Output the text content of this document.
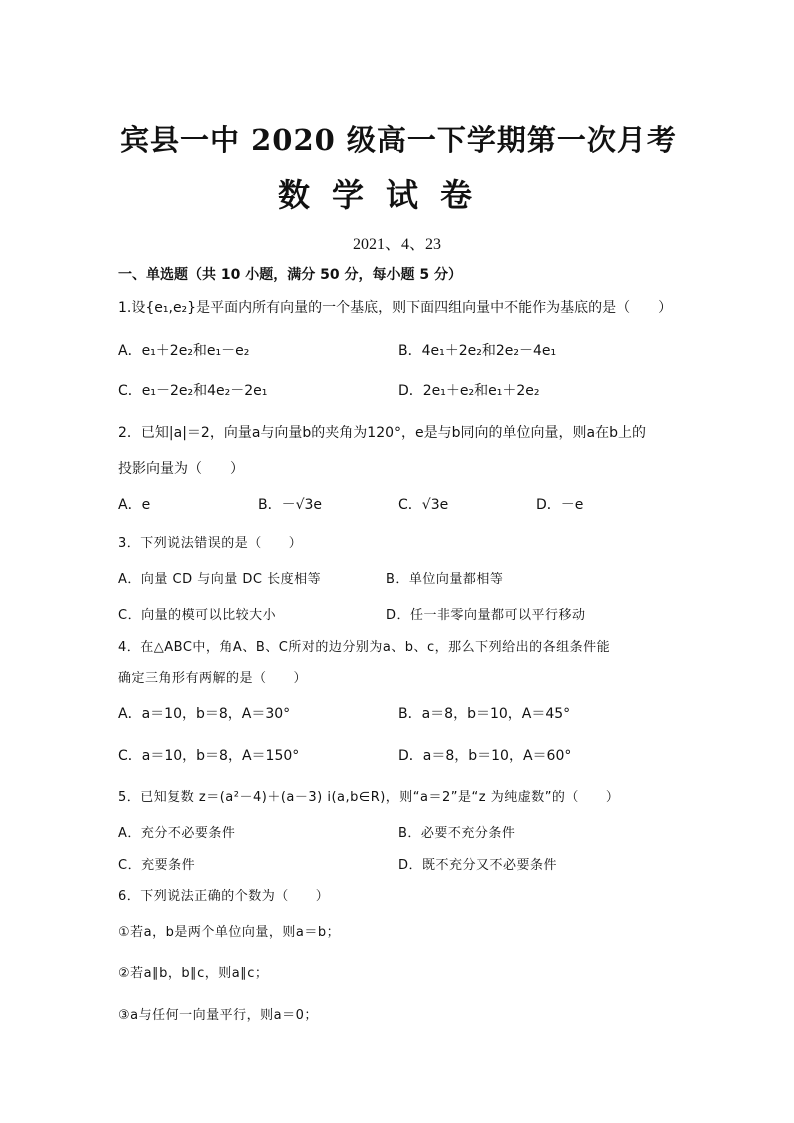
宾县一中 2020 级高一下学期第一次月考
数学试卷
2021、4、23
一、单选题（共 10 小题，满分 50 分，每小题 5 分）
1.设{e₁,e₂}是平面内所有向量的一个基底，则下面四组向量中不能作为基底的是（　　）
A．e₁＋2e₂和e₁－e₂	B．4e₁＋2e₂和2e₂－4e₁
C．e₁－2e₂和4e₂－2e₁	D．2e₁＋e₂和e₁＋2e₂
2．已知|a|＝2，向量a与向量b的夹角为120°，e是与b同向的单位向量，则a在b上的
投影向量为（　　）
A．e	B．－√3e	C．√3e	D．－e
3．下列说法错误的是（　　）
A．向量 CD 与向量 DC 长度相等	B．单位向量都相等
C．向量的模可以比较大小	D．任一非零向量都可以平行移动
4．在△ABC中，角A、B、C所对的边分别为a、b、c，那么下列给出的各组条件能
确定三角形有两解的是（　　）
A．a＝10，b＝8，A＝30°	B．a＝8，b＝10，A＝45°
C．a＝10，b＝8，A＝150°	D．a＝8，b＝10，A＝60°
5．已知复数 z＝(a²－4)＋(a－3) i(a,b∈R)，则“a＝2”是“z 为纯虚数”的（　　）
A．充分不必要条件	B．必要不充分条件
C．充要条件	D．既不充分又不必要条件
6．下列说法正确的个数为（　　）
①若a，b是两个单位向量，则a＝b；
②若a∥b，b∥c，则a∥c；
③a与任何一向量平行，则a＝0；
